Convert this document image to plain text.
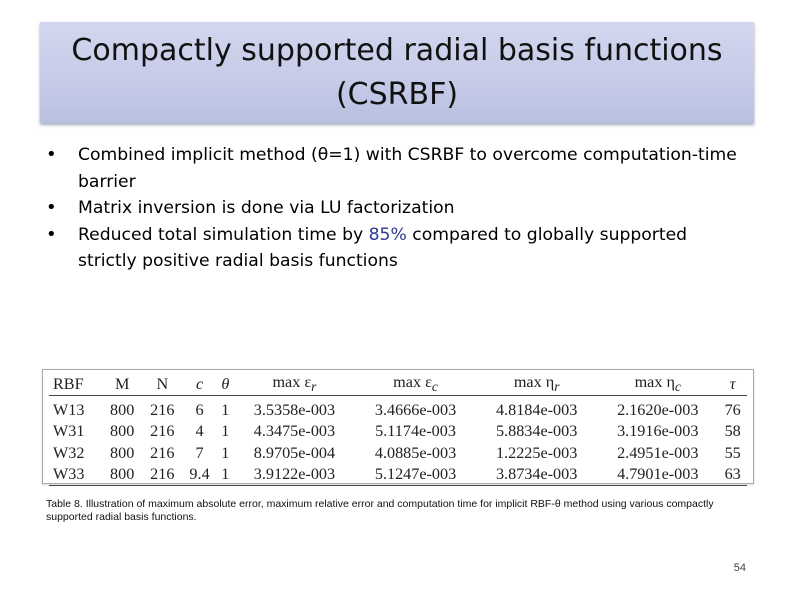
Compactly supported radial basis functions
(CSRBF)
• Combined implicit method (θ=1) with CSRBF to overcome computation-time barrier
• Matrix inversion is done via LU factorization
• Reduced total simulation time by 85% compared to globally supported strictly positive radial basis functions
RBF	M	N	c	θ	$\max \varepsilon_r$	$\max \varepsilon_c$	$\max \eta_r$	$\max \eta_c$	τ
W13	800	216	6	1	3.5358e-003	3.4666e-003	4.8184e-003	2.1620e-003	76
W31	800	216	4	1	4.3475e-003	5.1174e-003	5.8834e-003	3.1916e-003	58
W32	800	216	7	1	8.9705e-004	4.0885e-003	1.2225e-003	2.4951e-003	55
W33	800	216	9.4	1	3.9122e-003	5.1247e-003	3.8734e-003	4.7901e-003	63
Table 8. Illustration of maximum absolute error, maximum relative error and computation time for implicit RBF-θ method using various compactly supported radial basis functions.
54
